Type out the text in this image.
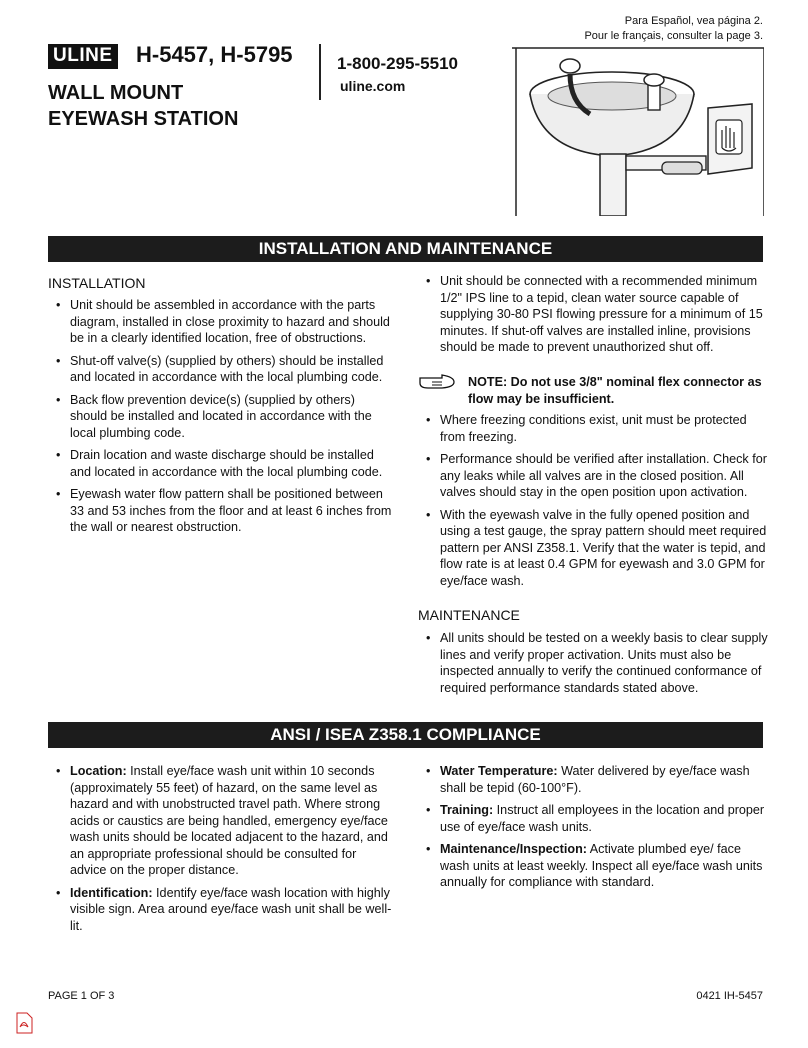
Para Español, vea página 2.
Pour le français, consulter la page 3.
ULINE H-5457, H-5795
WALL MOUNT
EYEWASH STATION
1-800-295-5510
uline.com
INSTALLATION AND MAINTENANCE
INSTALLATION
• Unit should be assembled in accordance with the parts diagram, installed in close proximity to hazard and should be in a clearly identified location, free of obstructions.
• Shut-off valve(s) (supplied by others) should be installed and located in accordance with the local plumbing code.
• Back flow prevention device(s) (supplied by others) should be installed and located in accordance with the local plumbing code.
• Drain location and waste discharge should be installed and located in accordance with the local plumbing code.
• Eyewash water flow pattern shall be positioned between 33 and 53 inches from the floor and at least 6 inches from the wall or nearest obstruction.
• Unit should be connected with a recommended minimum 1/2" IPS line to a tepid, clean water source capable of supplying 30-80 PSI flowing pressure for a minimum of 15 minutes. If shut-off valves are installed inline, provisions should be made to prevent unauthorized shut off.
NOTE: Do not use 3/8" nominal flex connector as flow may be insufficient.
• Where freezing conditions exist, unit must be protected from freezing.
• Performance should be verified after installation. Check for any leaks while all valves are in the closed position. All valves should stay in the open position upon activation.
• With the eyewash valve in the fully opened position and using a test gauge, the spray pattern should meet required pattern per ANSI Z358.1. Verify that the water is tepid, and flow rate is at least 0.4 GPM for eyewash and 3.0 GPM for eye/face wash.
MAINTENANCE
• All units should be tested on a weekly basis to clear supply lines and verify proper activation. Units must also be inspected annually to verify the continued conformance of required performance standards stated above.
ANSI / ISEA Z358.1 COMPLIANCE
• Location: Install eye/face wash unit within 10 seconds (approximately 55 feet) of hazard, on the same level as hazard and with unobstructed travel path. Where strong acids or caustics are being handled, emergency eye/face wash units should be located adjacent to the hazard, and an appropriate professional should be consulted for advice on the proper distance.
• Identification: Identify eye/face wash location with highly visible sign. Area around eye/face wash unit shall be well-lit.
• Water Temperature: Water delivered by eye/face wash shall be tepid (60-100°F).
• Training: Instruct all employees in the location and proper use of eye/face wash units.
• Maintenance/Inspection: Activate plumbed eye/ face wash units at least weekly. Inspect all eye/face wash units annually for compliance with standard.
PAGE 1 OF 3	0421 IH-5457
